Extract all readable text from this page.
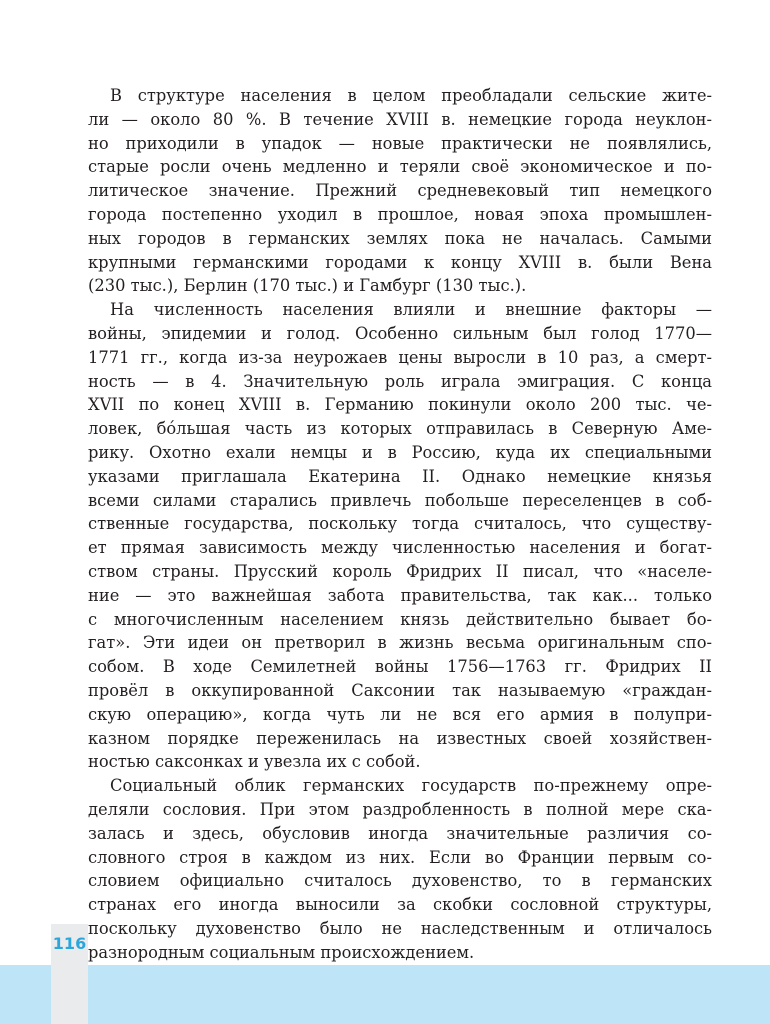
В структуре населения в целом преобладали сельские жите-
ли — около 80 %. В течение XVIII в. немецкие города неуклон-
но приходили в упадок — новые практически не появлялись,
старые росли очень медленно и теряли своё экономическое и по-
литическое значение. Прежний средневековый тип немецкого
города постепенно уходил в прошлое, новая эпоха промышлен-
ных городов в германских землях пока не началась. Самыми
крупными германскими городами к концу XVIII в. были Вена
(230 тыс.), Берлин (170 тыс.) и Гамбург (130 тыс.).
На численность населения влияли и внешние факторы —
войны, эпидемии и голод. Особенно сильным был голод 1770—
1771 гг., когда из-за неурожаев цены выросли в 10 раз, а смерт-
ность — в 4. Значительную роль играла эмиграция. С конца
XVII по конец XVIII в. Германию покинули около 200 тыс. че-
ловек, бóльшая часть из которых отправилась в Северную Аме-
рику. Охотно ехали немцы и в Россию, куда их специальными
указами приглашала Екатерина II. Однако немецкие князья
всеми силами старались привлечь побольше переселенцев в соб-
ственные государства, поскольку тогда считалось, что существу-
ет прямая зависимость между численностью населения и богат-
ством страны. Прусский король Фридрих II писал, что «населе-
ние — это важнейшая забота правительства, так как... только
с многочисленным населением князь действительно бывает бо-
гат». Эти идеи он претворил в жизнь весьма оригинальным спо-
собом. В ходе Семилетней войны 1756—1763 гг. Фридрих II
провёл в оккупированной Саксонии так называемую «граждан-
скую операцию», когда чуть ли не вся его армия в полупри-
казном порядке переженилась на известных своей хозяйствен-
ностью саксонках и увезла их с собой.
Социальный облик германских государств по-прежнему опре-
деляли сословия. При этом раздробленность в полной мере ска-
залась и здесь, обусловив иногда значительные различия со-
словного строя в каждом из них. Если во Франции первым со-
словием официально считалось духовенство, то в германских
странах его иногда выносили за скобки сословной структуры,
поскольку духовенство было не наследственным и отличалось
разнородным социальным происхождением.
116
